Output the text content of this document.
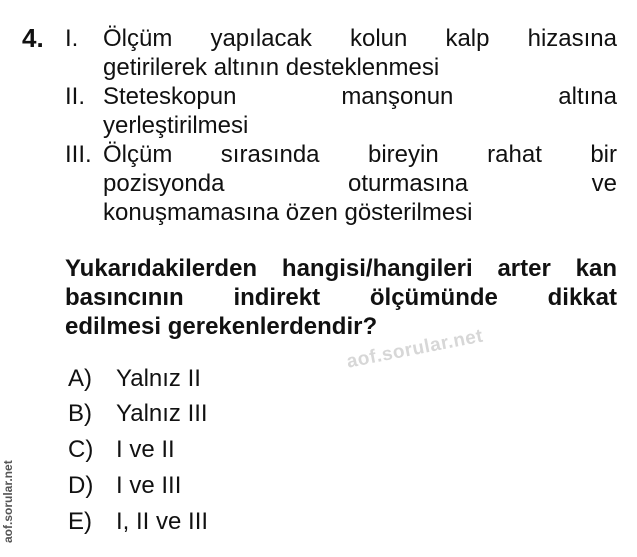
4. I. Ölçüm yapılacak kolun kalp hizasına
getirilerek altının desteklenmesi
II. Steteskopun manşonun altına
yerleştirilmesi
III. Ölçüm sırasında bireyin rahat bir
pozisyonda oturmasına ve
konuşmamasına özen gösterilmesi
Yukarıdakilerden hangisi/hangileri arter kan
basıncının indirekt ölçümünde dikkat
edilmesi gerekenlerdendir?
A) Yalnız II
B) Yalnız III
C) I ve II
D) I ve III
E) I, II ve III
aof.sorular.net
aof.sorular.net
